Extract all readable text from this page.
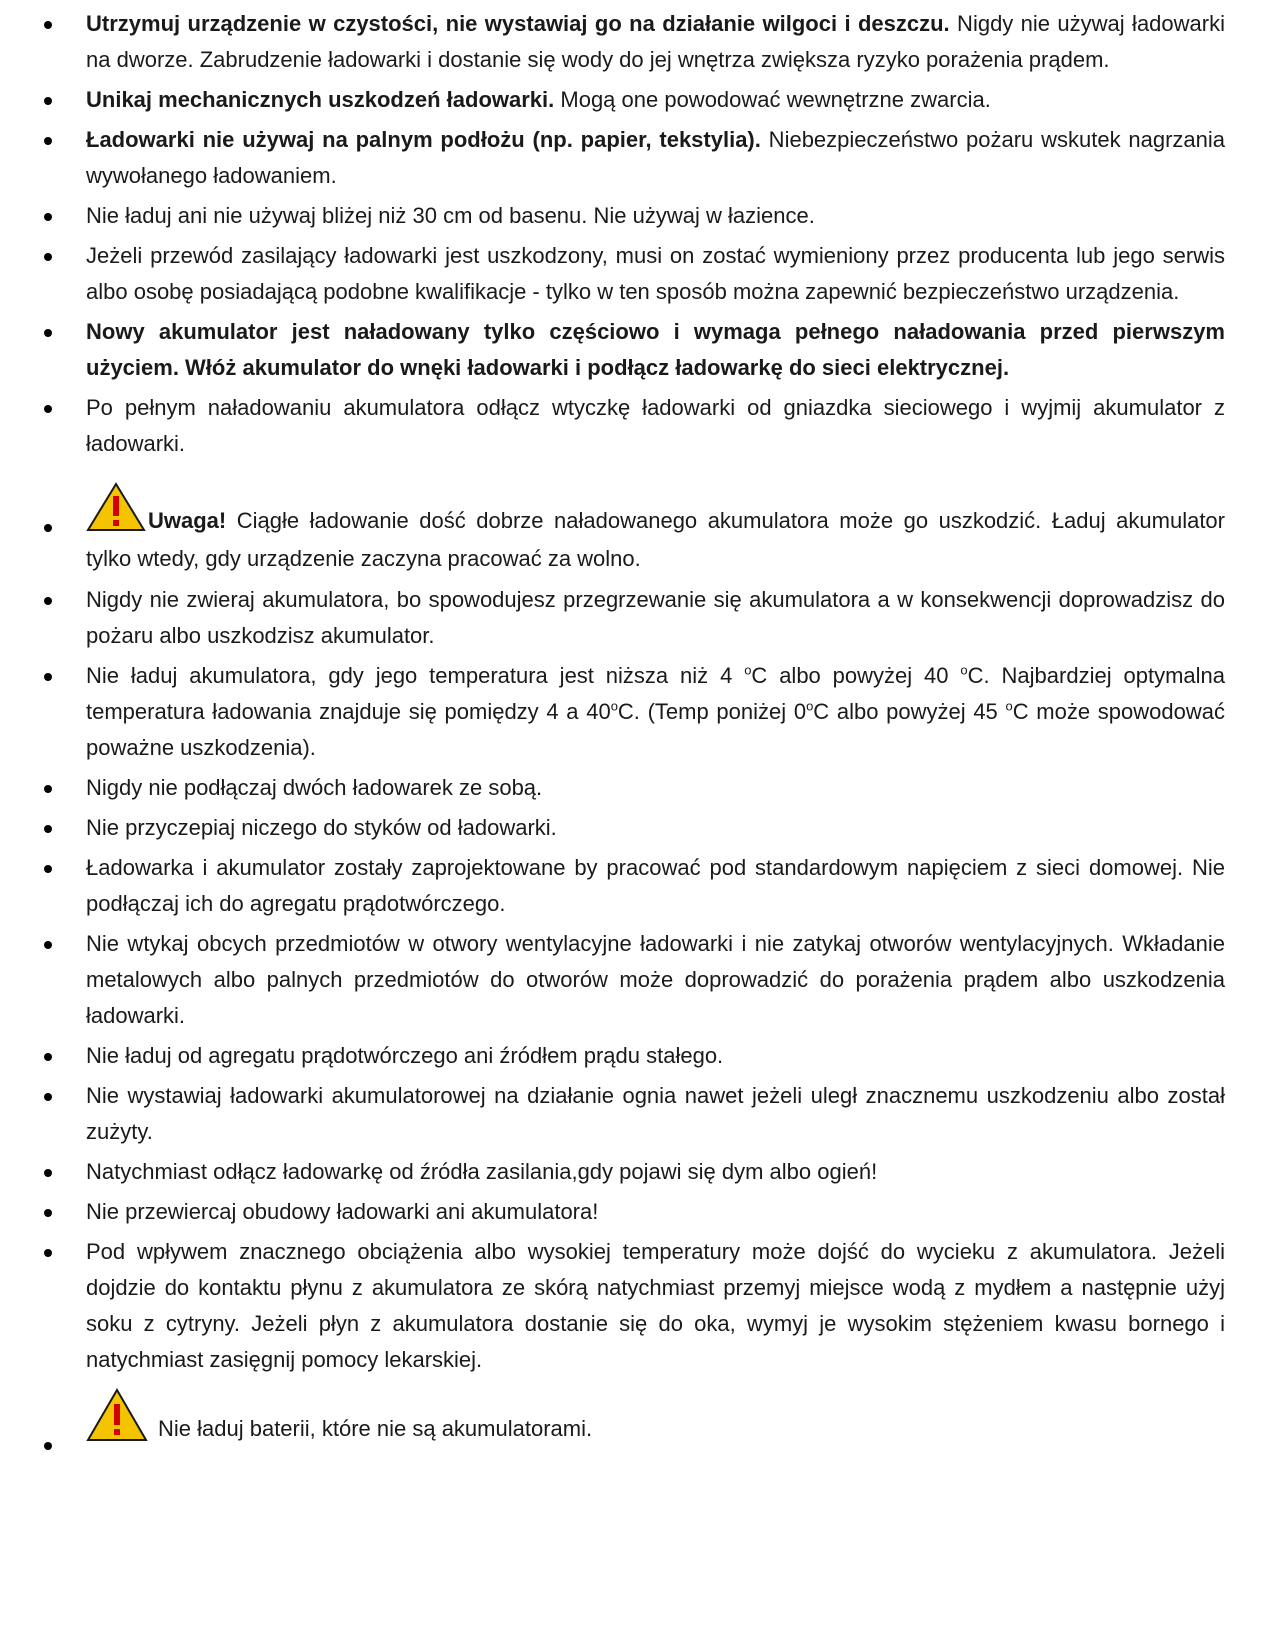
Utrzymuj urządzenie w czystości, nie wystawiaj go na działanie wilgoci i deszczu. Nigdy nie używaj ładowarki na dworze. Zabrudzenie ładowarki i dostanie się wody do jej wnętrza zwiększa ryzyko porażenia prądem.
Unikaj mechanicznych uszkodzeń ładowarki. Mogą one powodować wewnętrzne zwarcia.
Ładowarki nie używaj na palnym podłożu (np. papier, tekstylia). Niebezpieczeństwo pożaru wskutek nagrzania wywołanego ładowaniem.
Nie ładuj ani nie używaj bliżej niż 30 cm od basenu. Nie używaj w łazience.
Jeżeli przewód zasilający ładowarki jest uszkodzony, musi on zostać wymieniony przez producenta lub jego serwis albo osobę posiadającą podobne kwalifikacje - tylko w ten sposób można zapewnić bezpieczeństwo urządzenia.
Nowy akumulator jest naładowany tylko częściowo i wymaga pełnego naładowania przed pierwszym użyciem. Włóż akumulator do wnęki ładowarki i podłącz ładowarkę do sieci elektrycznej.
Po pełnym naładowaniu akumulatora odłącz wtyczkę ładowarki od gniazdka sieciowego i wyjmij akumulator z ładowarki.
Uwaga! Ciągłe ładowanie dość dobrze naładowanego akumulatora może go uszkodzić. Ładuj akumulator tylko wtedy, gdy urządzenie zaczyna pracować za wolno.
Nigdy nie zwieraj akumulatora, bo spowodujesz przegrzewanie się akumulatora a w konsekwencji doprowadzisz do pożaru albo uszkodzisz akumulator.
Nie ładuj akumulatora, gdy jego temperatura jest niższa niż 4 $^o$C albo powyżej 40 $^o$C. Najbardziej optymalna temperatura ładowania znajduje się pomiędzy 4 a 40$^o$C. (Temp poniżej 0$^o$C albo powyżej 45 $^o$C może spowodować poważne uszkodzenia).
Nigdy nie podłączaj dwóch ładowarek ze sobą.
Nie przyczepiaj niczego do styków od ładowarki.
Ładowarka i akumulator zostały zaprojektowane by pracować pod standardowym napięciem z sieci domowej. Nie podłączaj ich do agregatu prądotwórczego.
Nie wtykaj obcych przedmiotów w otwory wentylacyjne ładowarki i nie zatykaj otworów wentylacyjnych. Wkładanie metalowych albo palnych przedmiotów do otworów może doprowadzić do porażenia prądem albo uszkodzenia ładowarki.
Nie ładuj od agregatu prądotwórczego ani źródłem prądu stałego.
Nie wystawiaj ładowarki akumulatorowej na działanie ognia nawet jeżeli uległ znacznemu uszkodzeniu albo został zużyty.
Natychmiast odłącz ładowarkę od źródła zasilania,gdy pojawi się dym albo ogień!
Nie przewiercaj obudowy ładowarki ani akumulatora!
Pod wpływem znacznego obciążenia albo wysokiej temperatury może dojść do wycieku z akumulatora. Jeżeli dojdzie do kontaktu płynu z akumulatora ze skórą natychmiast przemyj miejsce wodą z mydłem a następnie użyj soku z cytryny. Jeżeli płyn z akumulatora dostanie się do oka, wymyj je wysokim stężeniem kwasu bornego i natychmiast zasięgnij pomocy lekarskiej.
Nie ładuj baterii, które nie są akumulatorami.
